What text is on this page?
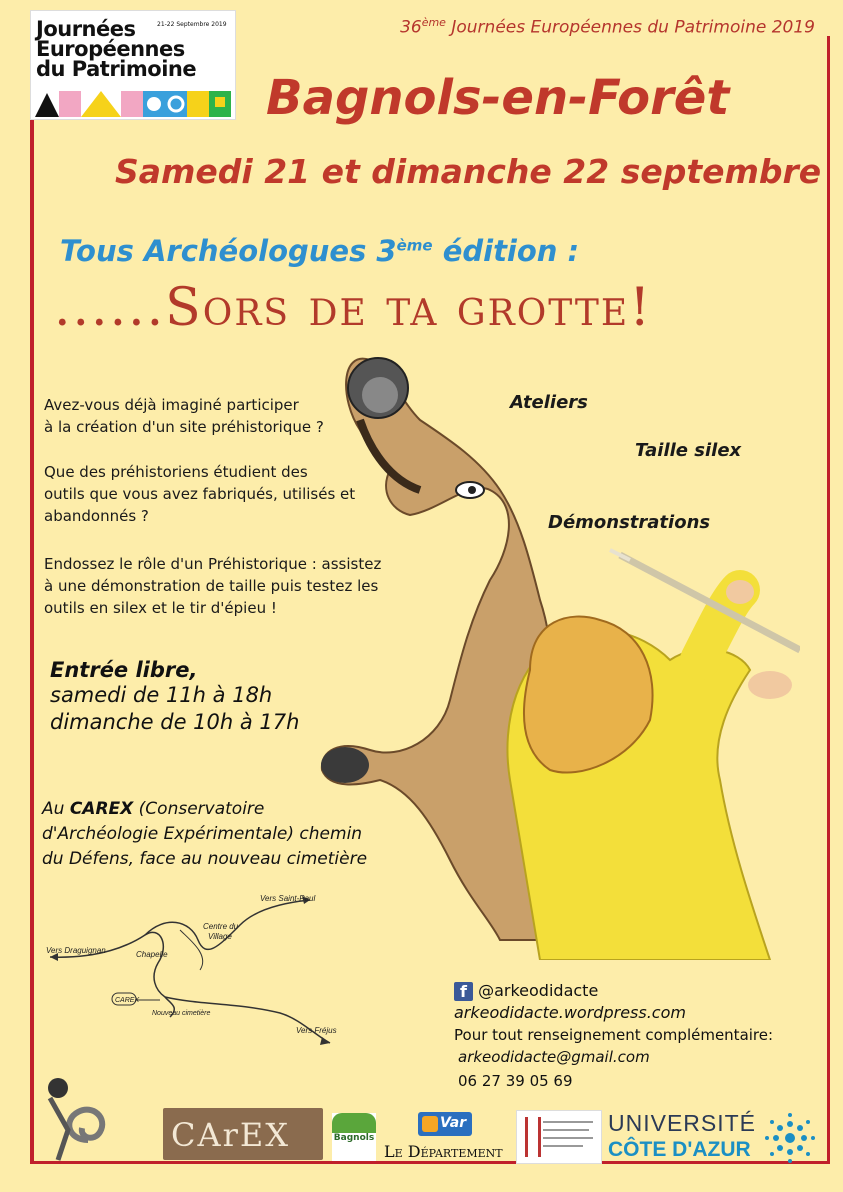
Journées	21-22 Septembre 2019
Européennes
du Patrimoine
36ème Journées Européennes du Patrimoine 2019
Bagnols-en-Forêt
Samedi 21 et dimanche 22 septembre
Tous Archéologues 3ème édition :
......Sors de ta grotte!
Avez-vous déjà imaginé participer
à la création d'un site préhistorique ?
Que des préhistoriens étudient des
outils que vous avez fabriqués, utilisés et
abandonnés ?
Endossez le rôle d'un Préhistorique : assistez
à une démonstration de taille puis testez les
outils en silex et le tir d'épieu !
Ateliers
Taille silex
Démonstrations
Entrée libre,
samedi de 11h à 18h
dimanche de 10h à 17h
Au CAREX (Conservatoire
d'Archéologie Expérimentale) chemin
du Défens, face au nouveau cimetière
Vers Saint-Paul
Centre du
Village
Vers Draguignan	Chapelle
CAREX
Nouveau cimetière
Vers Fréjus
f @arkeodidacte
arkeodidacte.wordpress.com
Pour tout renseignement complémentaire:
arkeodidacte@gmail.com
06 27 39 05 69
CArEX	Bagnols
Var
Le Département
UNIVERSITÉ
CÔTE D'AZUR
